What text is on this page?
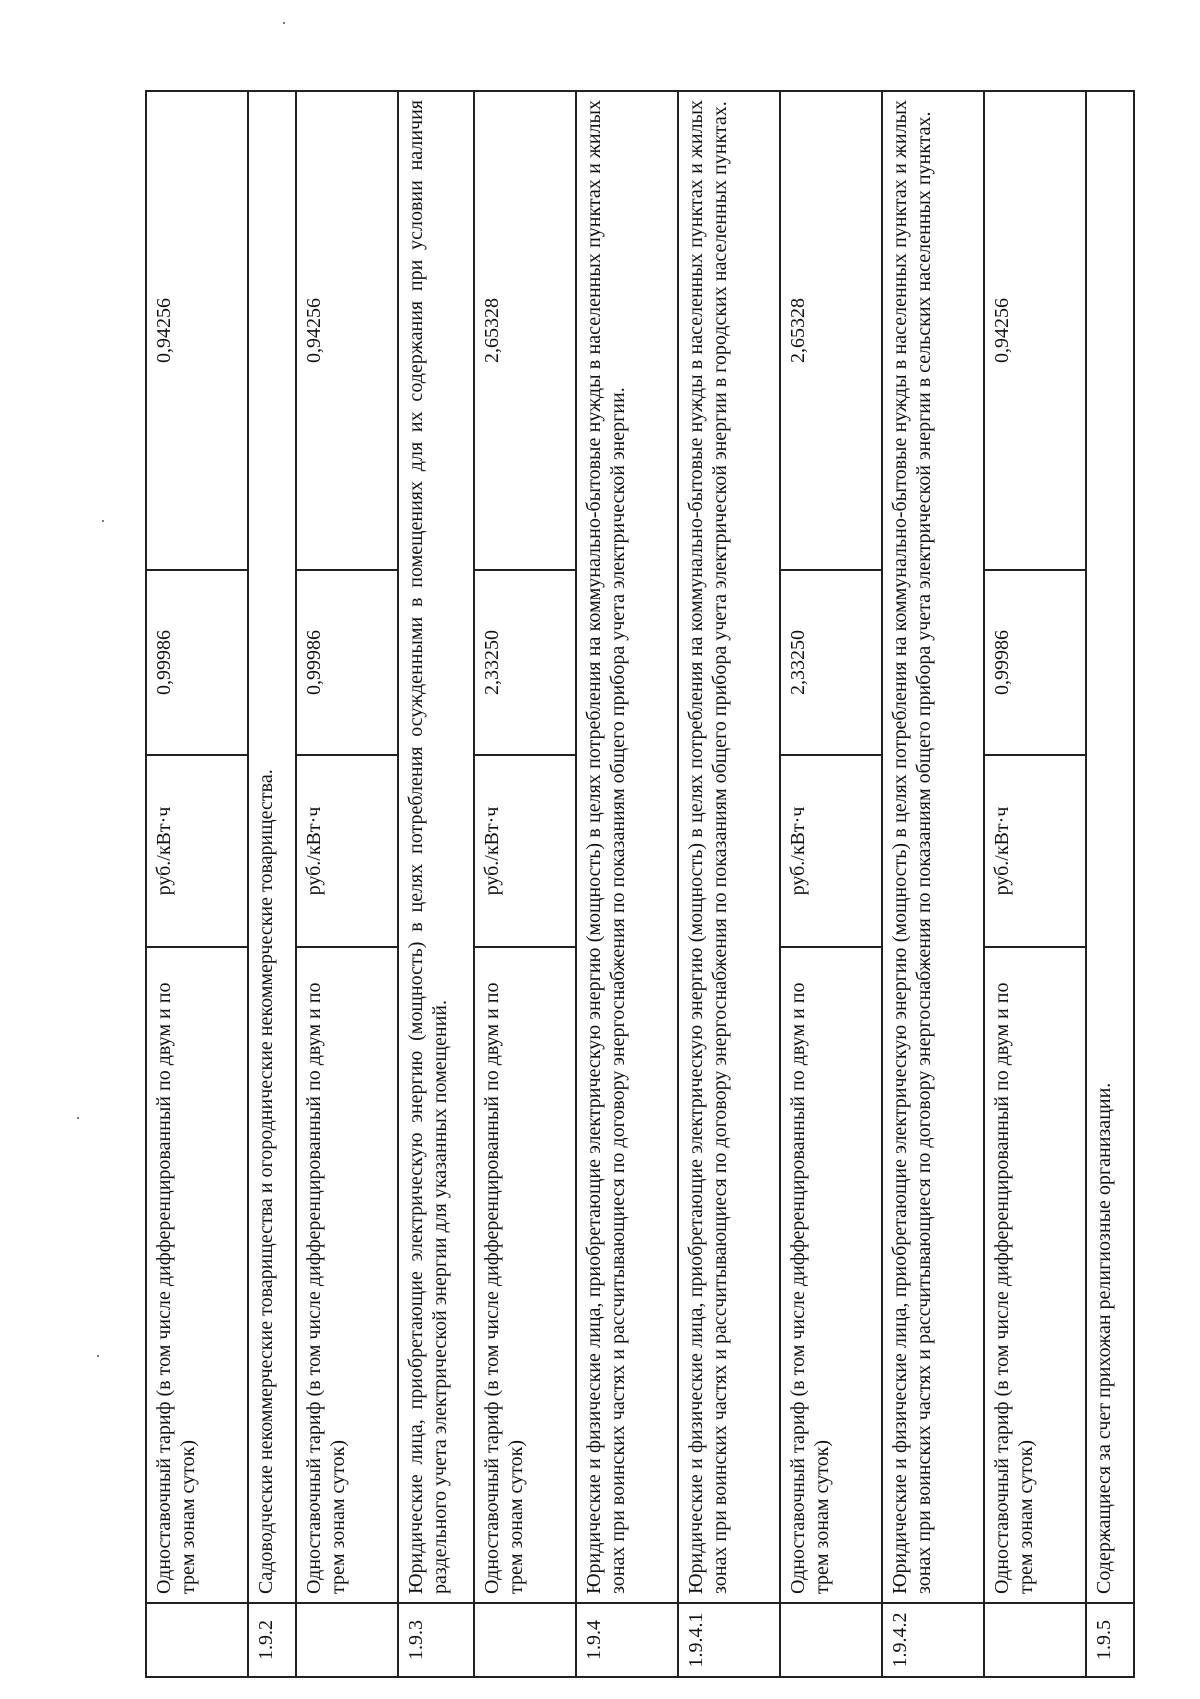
	Одноставочный тариф (в том числе дифференцированный по двум и по трем зонам суток)	руб./кВт·ч	0,99986	0,94256
1.9.2	Садоводческие некоммерческие товарищества и огороднические некоммерческие товарищества.			
	Одноставочный тариф (в том числе дифференцированный по двум и по трем зонам суток)	руб./кВт·ч	0,99986	0,94256
1.9.3	Юридические лица, приобретающие электрическую энергию (мощность) в целях потребления осужденными в помещениях для их содержания при условии наличия раздельного учета электрической энергии для указанных помещений.			
	Одноставочный тариф (в том числе дифференцированный по двум и по трем зонам суток)	руб./кВт·ч	2,33250	2,65328
1.9.4	Юридические и физические лица, приобретающие электрическую энергию (мощность) в целях потребления на коммунально-бытовые нужды в населенных пунктах и жилых зонах при воинских частях и рассчитывающиеся по договору энергоснабжения по показаниям общего прибора учета электрической энергии.			
1.9.4.1	Юридические и физические лица, приобретающие электрическую энергию (мощность) в целях потребления на коммунально-бытовые нужды в населенных пунктах и жилых зонах при воинских частях и рассчитывающиеся по договору энергоснабжения по показаниям общего прибора учета электрической энергии в городских населенных пунктах.			
	Одноставочный тариф (в том числе дифференцированный по двум и по трем зонам суток)	руб./кВт·ч	2,33250	2,65328
1.9.4.2	Юридические и физические лица, приобретающие электрическую энергию (мощность) в целях потребления на коммунально-бытовые нужды в населенных пунктах и жилых зонах при воинских частях и рассчитывающиеся по договору энергоснабжения по показаниям общего прибора учета электрической энергии в сельских населенных пунктах.			
	Одноставочный тариф (в том числе дифференцированный по двум и по трем зонам суток)	руб./кВт·ч	0,99986	0,94256
1.9.5	Содержащиеся за счет прихожан религиозные организации.			
